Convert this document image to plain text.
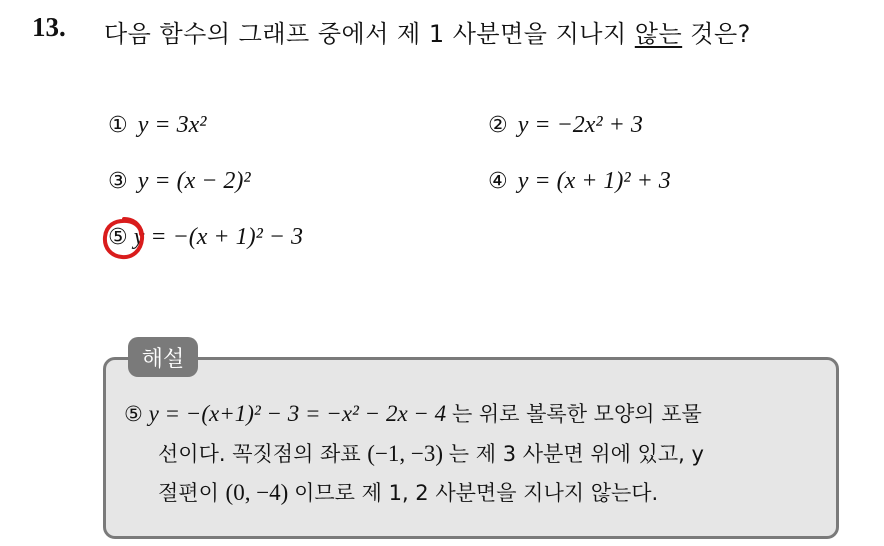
13. 다음 함수의 그래프 중에서 제 1 사분면을 지나지 않는 것은?
① y = 3x²	② y = −2x² + 3
③ y = (x − 2)²	④ y = (x + 1)² + 3
⑤ y = −(x + 1)² − 3
해설
⑤ y = −(x+1)² − 3 = −x² − 2x − 4 는 위로 볼록한 모양의 포물
선이다. 꼭짓점의 좌표 (−1, −3) 는 제 3 사분면 위에 있고, y
절편이 (0, −4) 이므로 제 1, 2 사분면을 지나지 않는다.
